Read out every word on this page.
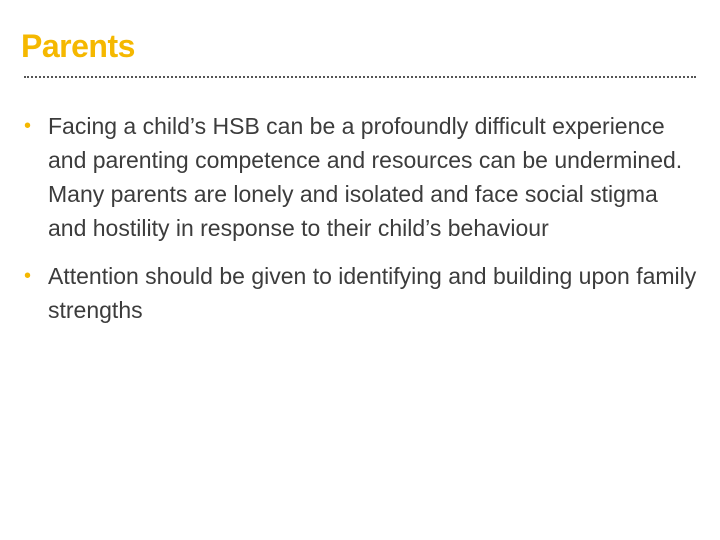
Parents
• Facing a child’s HSB can be a profoundly difficult experience and parenting competence and resources can be undermined. Many parents are lonely and isolated and face social stigma and hostility in response to their child’s behaviour
• Attention should be given to identifying and building upon family strengths
